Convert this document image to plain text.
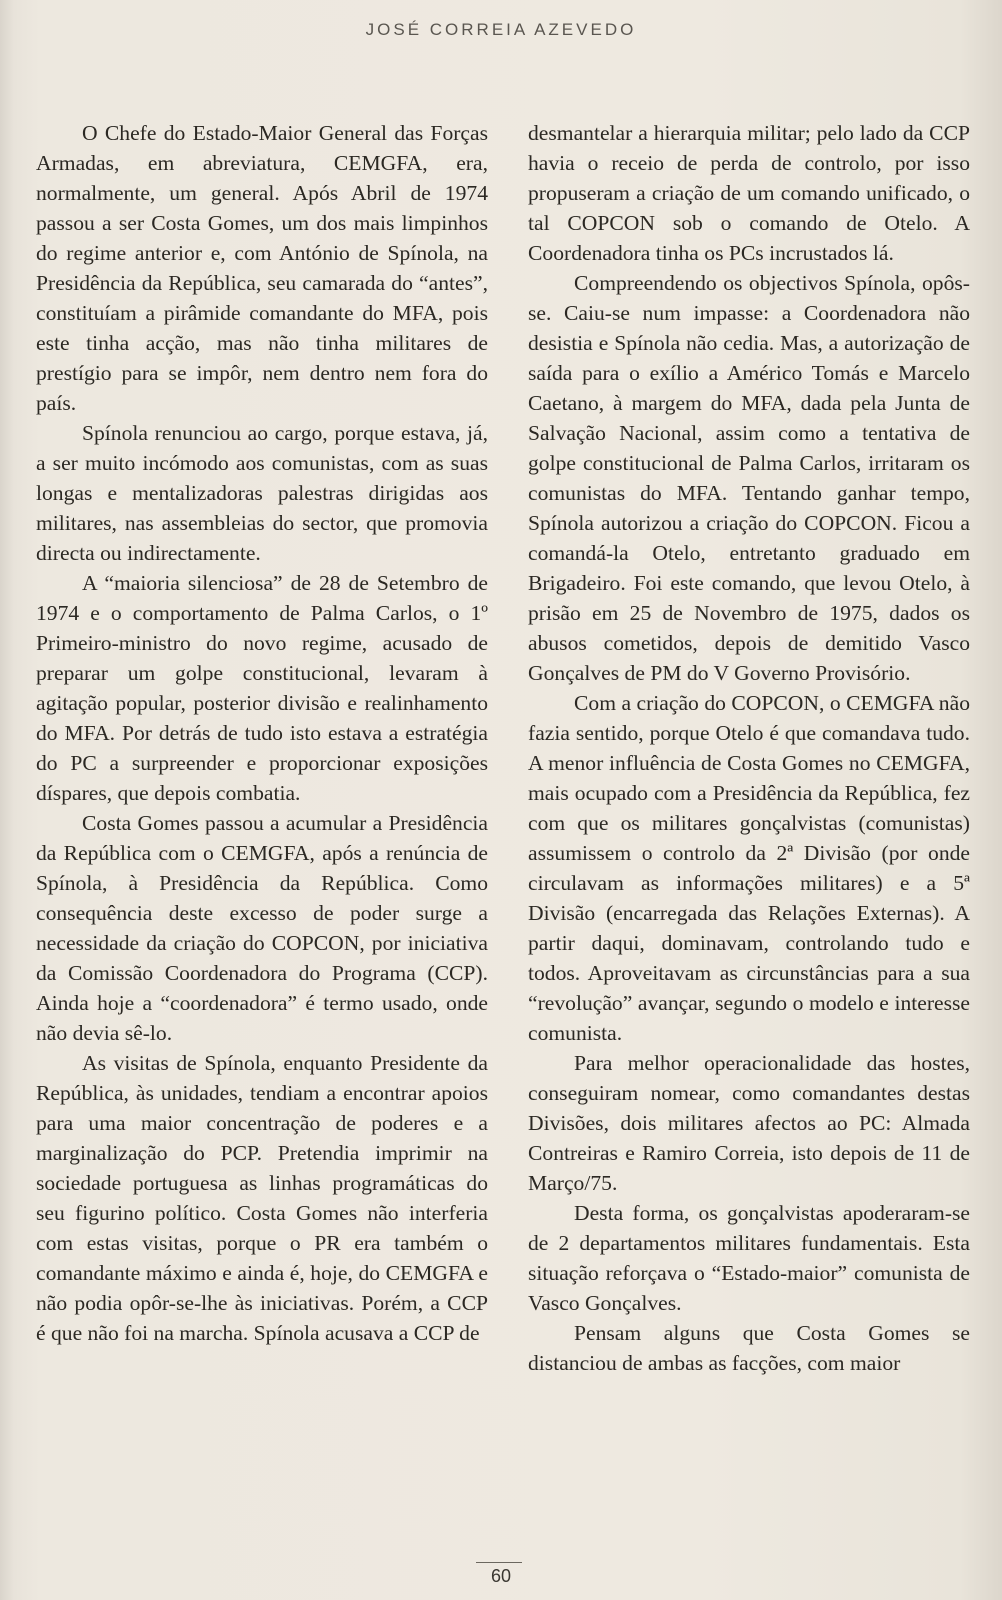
JOSÉ CORREIA AZEVEDO

O Chefe do Estado-Maior General das Forças Armadas, em abreviatura, CEMGFA, era, normalmente, um general. Após Abril de 1974 passou a ser Costa Gomes, um dos mais limpinhos do regime anterior e, com António de Spínola, na Presidência da República, seu camarada do “antes”, constituíam a pirâmide comandante do MFA, pois este tinha acção, mas não tinha militares de prestígio para se impôr, nem dentro nem fora do país.

Spínola renunciou ao cargo, porque estava, já, a ser muito incómodo aos comunistas, com as suas longas e mentalizadoras palestras dirigidas aos militares, nas assembleias do sector, que promovia directa ou indirectamente.

A “maioria silenciosa” de 28 de Setembro de 1974 e o comportamento de Palma Carlos, o 1º Primeiro-ministro do novo regime, acusado de preparar um golpe constitucional, levaram à agitação popular, posterior divisão e realinhamento do MFA. Por detrás de tudo isto estava a estratégia do PC a surpreender e proporcionar exposições díspares, que depois combatia.

Costa Gomes passou a acumular a Presidência da República com o CEMGFA, após a renúncia de Spínola, à Presidência da República. Como consequência deste excesso de poder surge a necessidade da criação do COPCON, por iniciativa da Comissão Coordenadora do Programa (CCP). Ainda hoje a “coordenadora” é termo usado, onde não devia sê-lo.

As visitas de Spínola, enquanto Presidente da República, às unidades, tendiam a encontrar apoios para uma maior concentração de poderes e a marginalização do PCP. Pretendia imprimir na sociedade portuguesa as linhas programáticas do seu figurino político. Costa Gomes não interferia com estas visitas, porque o PR era também o comandante máximo e ainda é, hoje, do CEMGFA e não podia opôr-se-lhe às iniciativas. Porém, a CCP é que não foi na marcha. Spínola acusava a CCP de

desmantelar a hierarquia militar; pelo lado da CCP havia o receio de perda de controlo, por isso propuseram a criação de um comando unificado, o tal COPCON sob o comando de Otelo. A Coordenadora tinha os PCs incrustados lá.

Compreendendo os objectivos Spínola, opôs-se. Caiu-se num impasse: a Coordenadora não desistia e Spínola não cedia. Mas, a autorização de saída para o exílio a Américo Tomás e Marcelo Caetano, à margem do MFA, dada pela Junta de Salvação Nacional, assim como a tentativa de golpe constitucional de Palma Carlos, irritaram os comunistas do MFA. Tentando ganhar tempo, Spínola autorizou a criação do COPCON. Ficou a comandá-la Otelo, entretanto graduado em Brigadeiro. Foi este comando, que levou Otelo, à prisão em 25 de Novembro de 1975, dados os abusos cometidos, depois de demitido Vasco Gonçalves de PM do V Governo Provisório.

Com a criação do COPCON, o CEMGFA não fazia sentido, porque Otelo é que comandava tudo. A menor influência de Costa Gomes no CEMGFA, mais ocupado com a Presidência da República, fez com que os militares gonçalvistas (comunistas) assumissem o controlo da 2ª Divisão (por onde circulavam as informações militares) e a 5ª Divisão (encarregada das Relações Externas). A partir daqui, dominavam, controlando tudo e todos. Aproveitavam as circunstâncias para a sua “revolução” avançar, segundo o modelo e interesse comunista.

Para melhor operacionalidade das hostes, conseguiram nomear, como comandantes destas Divisões, dois militares afectos ao PC: Almada Contreiras e Ramiro Correia, isto depois de 11 de Março/75.

Desta forma, os gonçalvistas apoderaram-se de 2 departamentos militares fundamentais. Esta situação reforçava o “Estado-maior” comunista de Vasco Gonçalves.

Pensam alguns que Costa Gomes se distanciou de ambas as facções, com maior

60
